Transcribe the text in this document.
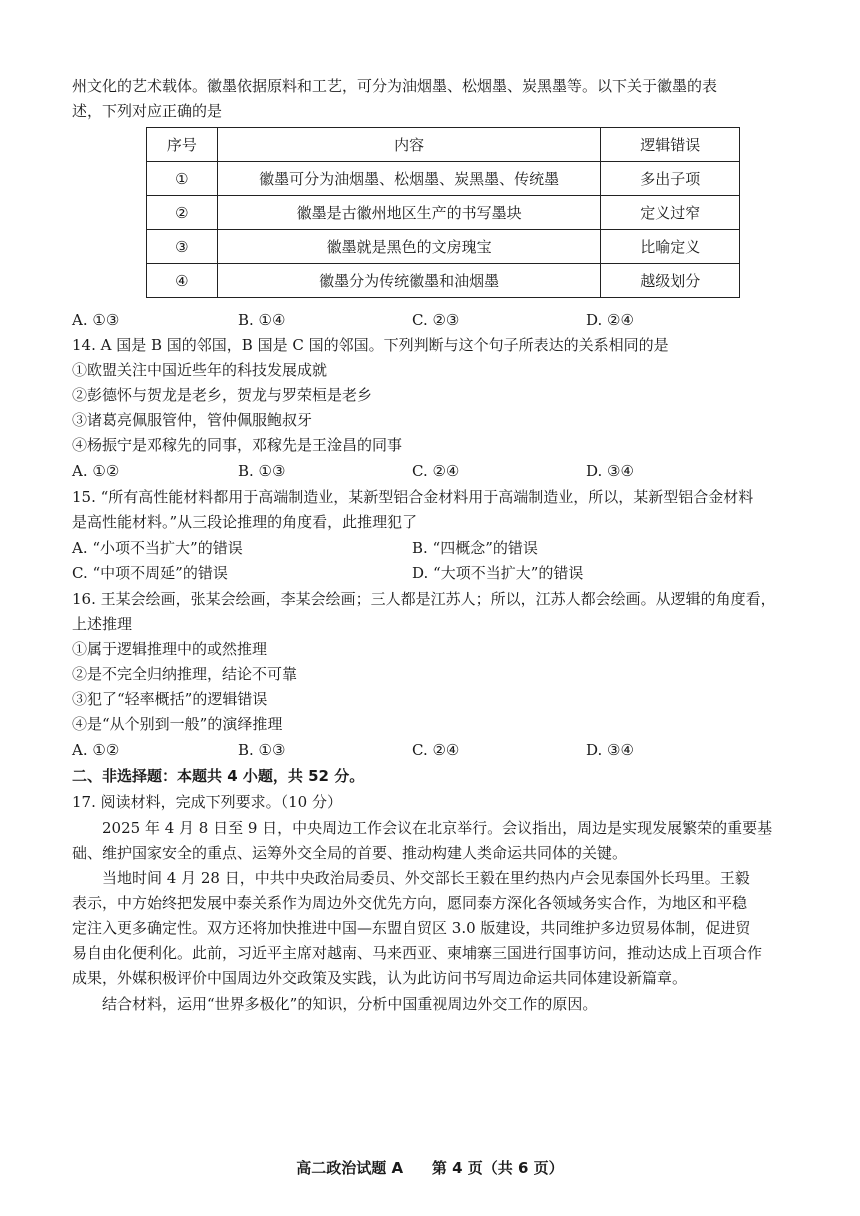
州文化的艺术载体。徽墨依据原料和工艺，可分为油烟墨、松烟墨、炭黑墨等。以下关于徽墨的表
述，下列对应正确的是
序号	内容	逻辑错误
①	徽墨可分为油烟墨、松烟墨、炭黑墨、传统墨	多出子项
②	徽墨是古徽州地区生产的书写墨块	定义过窄
③	徽墨就是黑色的文房瑰宝	比喻定义
④	徽墨分为传统徽墨和油烟墨	越级划分
A. ①③	B. ①④	C. ②③	D. ②④
14. A 国是 B 国的邻国，B 国是 C 国的邻国。下列判断与这个句子所表达的关系相同的是
①欧盟关注中国近些年的科技发展成就
②彭德怀与贺龙是老乡，贺龙与罗荣桓是老乡
③诸葛亮佩服管仲，管仲佩服鲍叔牙
④杨振宁是邓稼先的同事，邓稼先是王淦昌的同事
A. ①②	B. ①③	C. ②④	D. ③④
15. “所有高性能材料都用于高端制造业，某新型铝合金材料用于高端制造业，所以，某新型铝合金材料
是高性能材料。”从三段论推理的角度看，此推理犯了
A. “小项不当扩大”的错误	B. “四概念”的错误
C. “中项不周延”的错误	D. “大项不当扩大”的错误
16. 王某会绘画，张某会绘画，李某会绘画；三人都是江苏人；所以，江苏人都会绘画。从逻辑的角度看，
上述推理
①属于逻辑推理中的或然推理
②是不完全归纳推理，结论不可靠
③犯了“轻率概括”的逻辑错误
④是“从个别到一般”的演绎推理
A. ①②	B. ①③	C. ②④	D. ③④
二、非选择题：本题共 4 小题，共 52 分。
17. 阅读材料，完成下列要求。（10 分）
2025 年 4 月 8 日至 9 日，中央周边工作会议在北京举行。会议指出，周边是实现发展繁荣的重要基
础、维护国家安全的重点、运筹外交全局的首要、推动构建人类命运共同体的关键。
当地时间 4 月 28 日，中共中央政治局委员、外交部长王毅在里约热内卢会见泰国外长玛里。王毅
表示，中方始终把发展中泰关系作为周边外交优先方向，愿同泰方深化各领域务实合作，为地区和平稳
定注入更多确定性。双方还将加快推进中国—东盟自贸区 3.0 版建设，共同维护多边贸易体制，促进贸
易自由化便利化。此前，习近平主席对越南、马来西亚、柬埔寨三国进行国事访问，推动达成上百项合作
成果，外媒积极评价中国周边外交政策及实践，认为此访问书写周边命运共同体建设新篇章。
结合材料，运用“世界多极化”的知识，分析中国重视周边外交工作的原因。
高二政治试题 A 第 4 页（共 6 页）
